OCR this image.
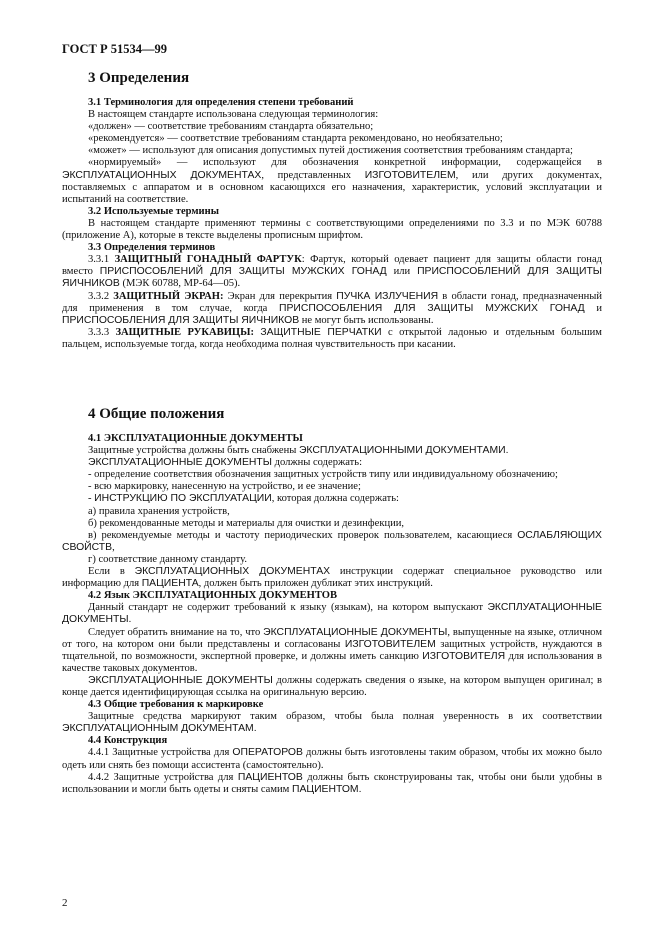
ГОСТ Р 51534—99
3 Определения

3.1 Терминология для определения степени требований

В настоящем стандарте использована следующая терминология:

«должен» — соответствие требованиям стандарта обязательно;

«рекомендуется» — соответствие требованиям стандарта рекомендовано, но необязательно;

«может» — используют для описания допустимых путей достижения соответствия требованиям стандарта;

«нормируемый» — используют для обозначения конкретной информации, содержащейся в ЭКСПЛУАТАЦИОННЫХ ДОКУМЕНТАХ, представленных ИЗГОТОВИТЕЛЕМ, или других документах, поставляемых с аппаратом и в основном касающихся его назначения, характеристик, условий эксплуатации и испытаний на соответствие.

3.2 Используемые термины

В настоящем стандарте применяют термины с соответствующими определениями по 3.3 и по МЭК 60788 (приложение А), которые в тексте выделены прописным шрифтом.

3.3 Определения терминов

3.3.1 ЗАЩИТНЫЙ ГОНАДНЫЙ ФАРТУК: Фартук, который одевает пациент для защиты области гонад вместо ПРИСПОСОБЛЕНИЙ ДЛЯ ЗАЩИТЫ МУЖСКИХ ГОНАД или ПРИСПОСОБЛЕНИЙ ДЛЯ ЗАЩИТЫ ЯИЧНИКОВ (МЭК 60788, МР-64—05).

3.3.2 ЗАЩИТНЫЙ ЭКРАН: Экран для перекрытия ПУЧКА ИЗЛУЧЕНИЯ в области гонад, предназначенный для применения в том случае, когда ПРИСПОСОБЛЕНИЯ ДЛЯ ЗАЩИТЫ МУЖСКИХ ГОНАД и ПРИСПОСОБЛЕНИЯ ДЛЯ ЗАЩИТЫ ЯИЧНИКОВ не могут быть использованы.

3.3.3 ЗАЩИТНЫЕ РУКАВИЦЫ: ЗАЩИТНЫЕ ПЕРЧАТКИ с открытой ладонью и отдельным большим пальцем, используемые тогда, когда необходима полная чувствительность при касании.

4 Общие положения

4.1 ЭКСПЛУАТАЦИОННЫЕ ДОКУМЕНТЫ

Защитные устройства должны быть снабжены ЭКСПЛУАТАЦИОННЫМИ ДОКУМЕНТАМИ.

ЭКСПЛУАТАЦИОННЫЕ ДОКУМЕНТЫ должны содержать:

- определение соответствия обозначения защитных устройств типу или индивидуальному обозначению;

- всю маркировку, нанесенную на устройство, и ее значение;

- ИНСТРУКЦИЮ ПО ЭКСПЛУАТАЦИИ, которая должна содержать:

а) правила хранения устройств,

б) рекомендованные методы и материалы для очистки и дезинфекции,

в) рекомендуемые методы и частоту периодических проверок пользователем, касающиеся ОСЛАБЛЯЮЩИХ СВОЙСТВ,

г) соответствие данному стандарту.

Если в ЭКСПЛУАТАЦИОННЫХ ДОКУМЕНТАХ инструкции содержат специальное руководство или информацию для ПАЦИЕНТА, должен быть приложен дубликат этих инструкций.

4.2 Язык ЭКСПЛУАТАЦИОННЫХ ДОКУМЕНТОВ

Данный стандарт не содержит требований к языку (языкам), на котором выпускают ЭКСПЛУАТАЦИОННЫЕ ДОКУМЕНТЫ.

Следует обратить внимание на то, что ЭКСПЛУАТАЦИОННЫЕ ДОКУМЕНТЫ, выпущенные на языке, отличном от того, на котором они были представлены и согласованы ИЗГОТОВИТЕЛЕМ защитных устройств, нуждаются в тщательной, по возможности, экспертной проверке, и должны иметь санкцию ИЗГОТОВИТЕЛЯ для использования в качестве таковых документов.

ЭКСПЛУАТАЦИОННЫЕ ДОКУМЕНТЫ должны содержать сведения о языке, на котором выпущен оригинал; в конце дается идентифицирующая ссылка на оригинальную версию.

4.3 Общие требования к маркировке

Защитные средства маркируют таким образом, чтобы была полная уверенность в их соответствии ЭКСПЛУАТАЦИОННЫМ ДОКУМЕНТАМ.

4.4 Конструкция

4.4.1 Защитные устройства для ОПЕРАТОРОВ должны быть изготовлены таким образом, чтобы их можно было одеть или снять без помощи ассистента (самостоятельно).

4.4.2 Защитные устройства для ПАЦИЕНТОВ должны быть сконструированы так, чтобы они были удобны в использовании и могли быть одеты и сняты самим ПАЦИЕНТОМ.

2
